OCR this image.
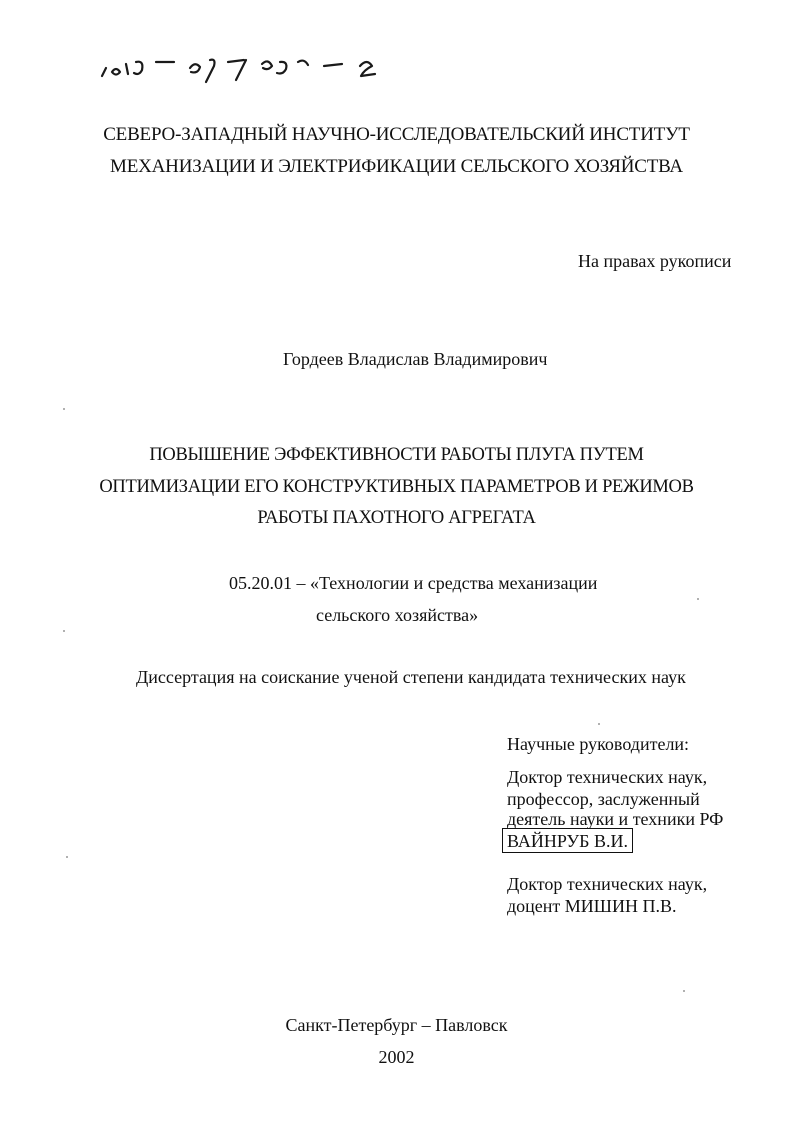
СЕВЕРО-ЗАПАДНЫЙ НАУЧНО-ИССЛЕДОВАТЕЛЬСКИЙ ИНСТИТУТ
МЕХАНИЗАЦИИ И ЭЛЕКТРИФИКАЦИИ СЕЛЬСКОГО ХОЗЯЙСТВА
На правах рукописи
Гордеев Владислав Владимирович
ПОВЫШЕНИЕ ЭФФЕКТИВНОСТИ РАБОТЫ ПЛУГА ПУТЕМ
ОПТИМИЗАЦИИ ЕГО КОНСТРУКТИВНЫХ ПАРАМЕТРОВ И РЕЖИМОВ
РАБОТЫ ПАХОТНОГО АГРЕГАТА
05.20.01 – «Технологии и средства механизации
сельского хозяйства»
Диссертация на соискание ученой степени кандидата технических наук
Научные руководители:
Доктор технических наук,
профессор, заслуженный
деятель науки и техники РФ
ВАЙНРУБ В.И.
Доктор технических наук,
доцент МИШИН П.В.
Санкт-Петербург – Павловск
2002
